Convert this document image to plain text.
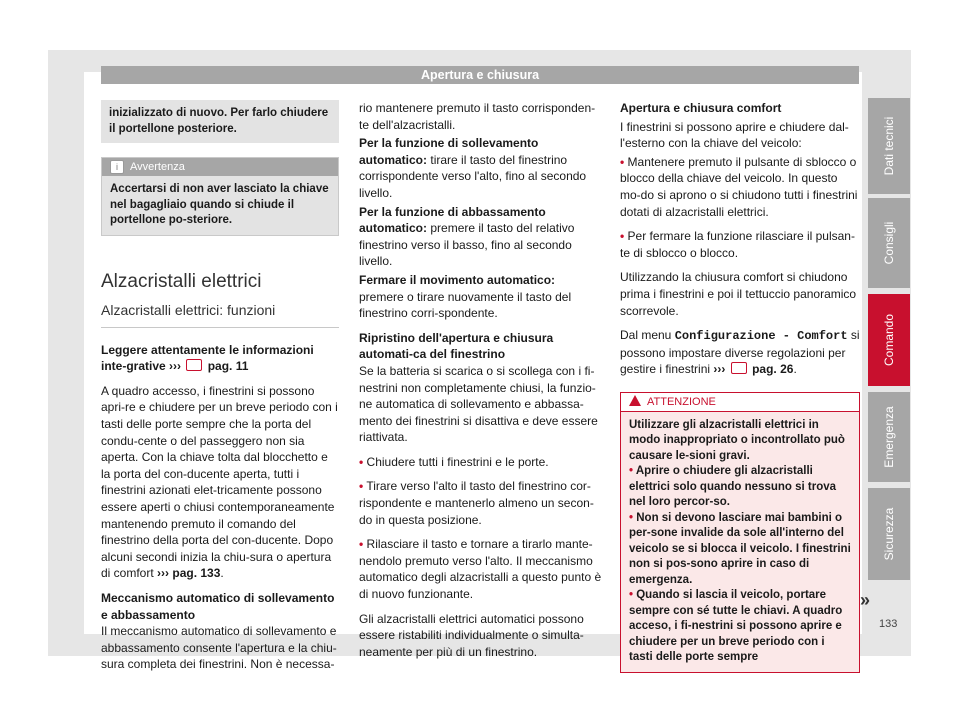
Apertura e chiusura
inizializzato di nuovo. Per farlo chiudere il portellone posteriore.
i Avvertenza
Accertarsi di non aver lasciato la chiave nel bagagliaio quando si chiude il portellone po-steriore.
Alzacristalli elettrici
Alzacristalli elettrici: funzioni

Leggere attentamente le informazioni inte-grative ››› pag. 11

A quadro accesso, i finestrini si possono apri-re e chiudere per un breve periodo con i tasti delle porte sempre che la porta del condu-cente o del passeggero non sia aperta. Con la chiave tolta dal blocchetto e la porta del con-ducente aperta, tutti i finestrini azionati elet-tricamente possono essere aperti o chiusi contemporaneamente mantenendo premuto il comando del finestrino della porta del con-ducente. Dopo alcuni secondi inizia la chiu-sura o apertura di comfort ››› pag. 133.

Meccanismo automatico di sollevamento e abbassamento

Il meccanismo automatico di sollevamento e abbassamento consente l'apertura e la chiu-sura completa dei finestrini. Non è necessa-

rio mantenere premuto il tasto corrisponden-te dell'alzacristalli.

Per la funzione di sollevamento automatico: tirare il tasto del finestrino corrispondente verso l'alto, fino al secondo livello.

Per la funzione di abbassamento automatico: premere il tasto del relativo finestrino verso il basso, fino al secondo livello.

Fermare il movimento automatico: premere o tirare nuovamente il tasto del finestrino corri-spondente.

Ripristino dell'apertura e chiusura automati-ca del finestrino

Se la batteria si scarica o si scollega con i fi-nestrini non completamente chiusi, la funzio-ne automatica di sollevamento e abbassa-mento dei finestrini si disattiva e deve essere riattivata.

• Chiudere tutti i finestrini e le porte.

• Tirare verso l'alto il tasto del finestrino cor-rispondente e mantenerlo almeno un secon-do in questa posizione.

• Rilasciare il tasto e tornare a tirarlo mante-nendolo premuto verso l'alto. Il meccanismo automatico degli alzacristalli a questo punto è di nuovo funzionante.

Gli alzacristalli elettrici automatici possono essere ristabiliti individualmente o simulta-neamente per più di un finestrino.

Apertura e chiusura comfort

I finestrini si possono aprire e chiudere dal-l'esterno con la chiave del veicolo:

• Mantenere premuto il pulsante di sblocco o blocco della chiave del veicolo. In questo mo-do si aprono o si chiudono tutti i finestrini dotati di alzacristalli elettrici.

• Per fermare la funzione rilasciare il pulsan-te di sblocco o blocco.

Utilizzando la chiusura comfort si chiudono prima i finestrini e poi il tettuccio panoramico scorrevole.

Dal menu Configurazione - Comfort si possono impostare diverse regolazioni per gestire i finestrini ››› pag. 26.

ATTENZIONE
Utilizzare gli alzacristalli elettrici in modo inappropriato o incontrollato può causare le-sioni gravi.
• Aprire o chiudere gli alzacristalli elettrici solo quando nessuno si trova nel loro percor-so.
• Non si devono lasciare mai bambini o per-sone invalide da sole all'interno del veicolo se si blocca il veicolo. I finestrini non si pos-sono aprire in caso di emergenza.
• Quando si lascia il veicolo, portare sempre con sé tutte le chiavi. A quadro acceso, i fi-nestrini si possono aprire e chiudere per un breve periodo con i tasti delle porte sempre
»
Dati tecnici
Consigli
Comando
Emergenza
Sicurezza
133
